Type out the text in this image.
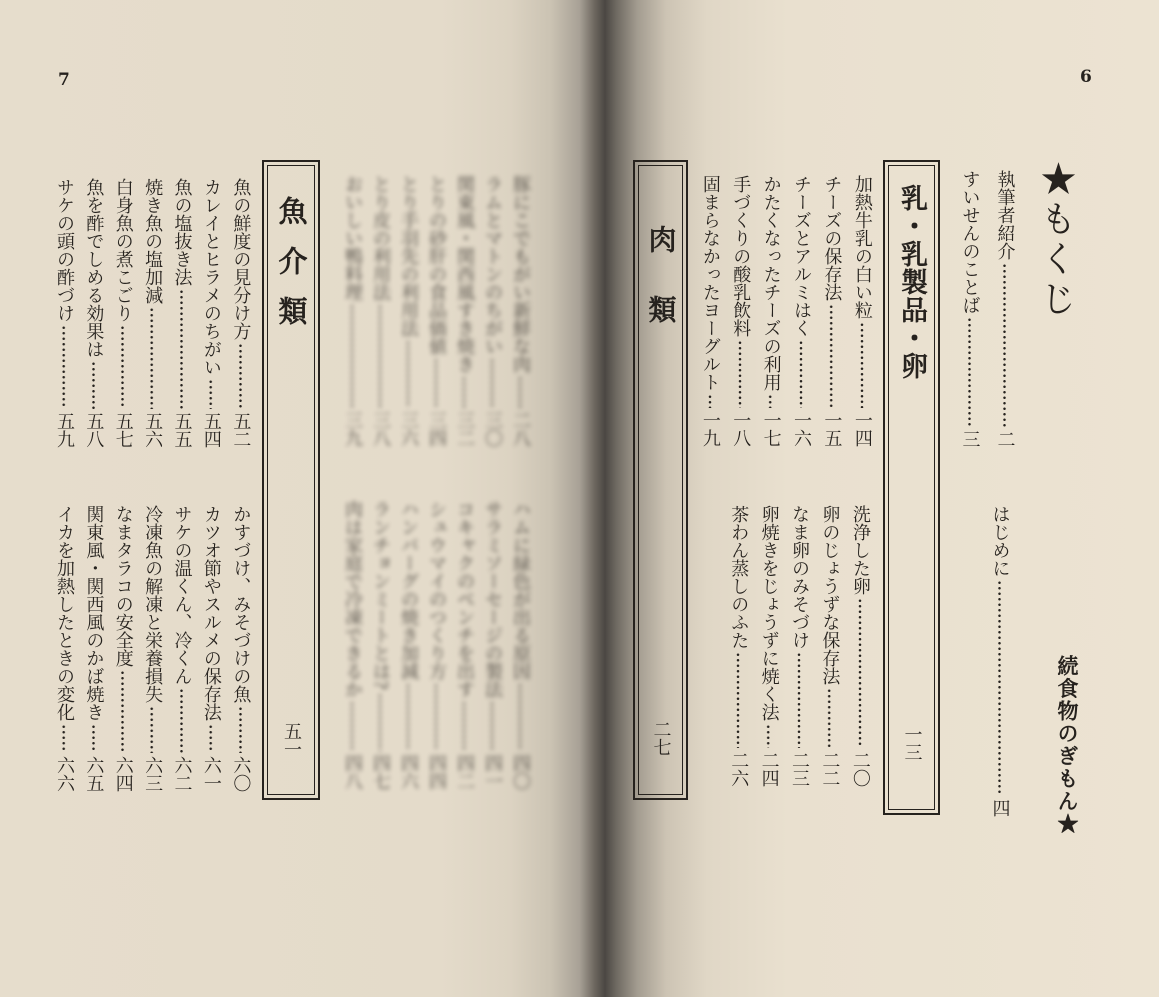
7	6
★もくじ
続食物のぎもん★
執筆者紹介
二
すいせんのことば
三
はじめに
四
乳・乳製品・卵
一三
加熱牛乳の白い粒
一四
チーズの保存法
一五
チーズとアルミはく
一六
かたくなったチーズの利用
一七
手づくりの酸乳飲料
一八
固まらなかったヨーグルト
一九
洗浄した卵
二〇
卵のじょうずな保存法
二二
なま卵のみそづけ
二三
卵焼きをじょうずに焼く法
二四
茶わん蒸しのふた
二六
肉類
二七
豚にこでもがい新鮮な肉
二八
ラムとマトンのちがい
三〇
関東風・関西風すき焼き
三二
とりの砂肝の食品価値
三四
とり手羽先の利用法
三六
とり皮の利用法
三八
おいしい鴨料理
三九
ハムに緑色が出る原因
四〇
サラミソーセージの製法
四一
コキャクのベンチを出す
四二
シュウマイのつくり方
四四
ハンバーグの焼き加減
四六
ランチョンミートとは?
四七
肉は家庭で冷凍できるか
四八
魚介類
五一
魚の鮮度の見分け方
五二
カレイとヒラメのちがい
五四
魚の塩抜き法
五五
焼き魚の塩加減
五六
白身魚の煮こごり
五七
魚を酢でしめる効果は
五八
サケの頭の酢づけ
五九
かすづけ、みそづけの魚
六〇
カツオ節やスルメの保存法
六一
サケの温くん、冷くん
六二
冷凍魚の解凍と栄養損失
六三
なまタラコの安全度
六四
関東風・関西風のかば焼き
六五
イカを加熱したときの変化
六六
